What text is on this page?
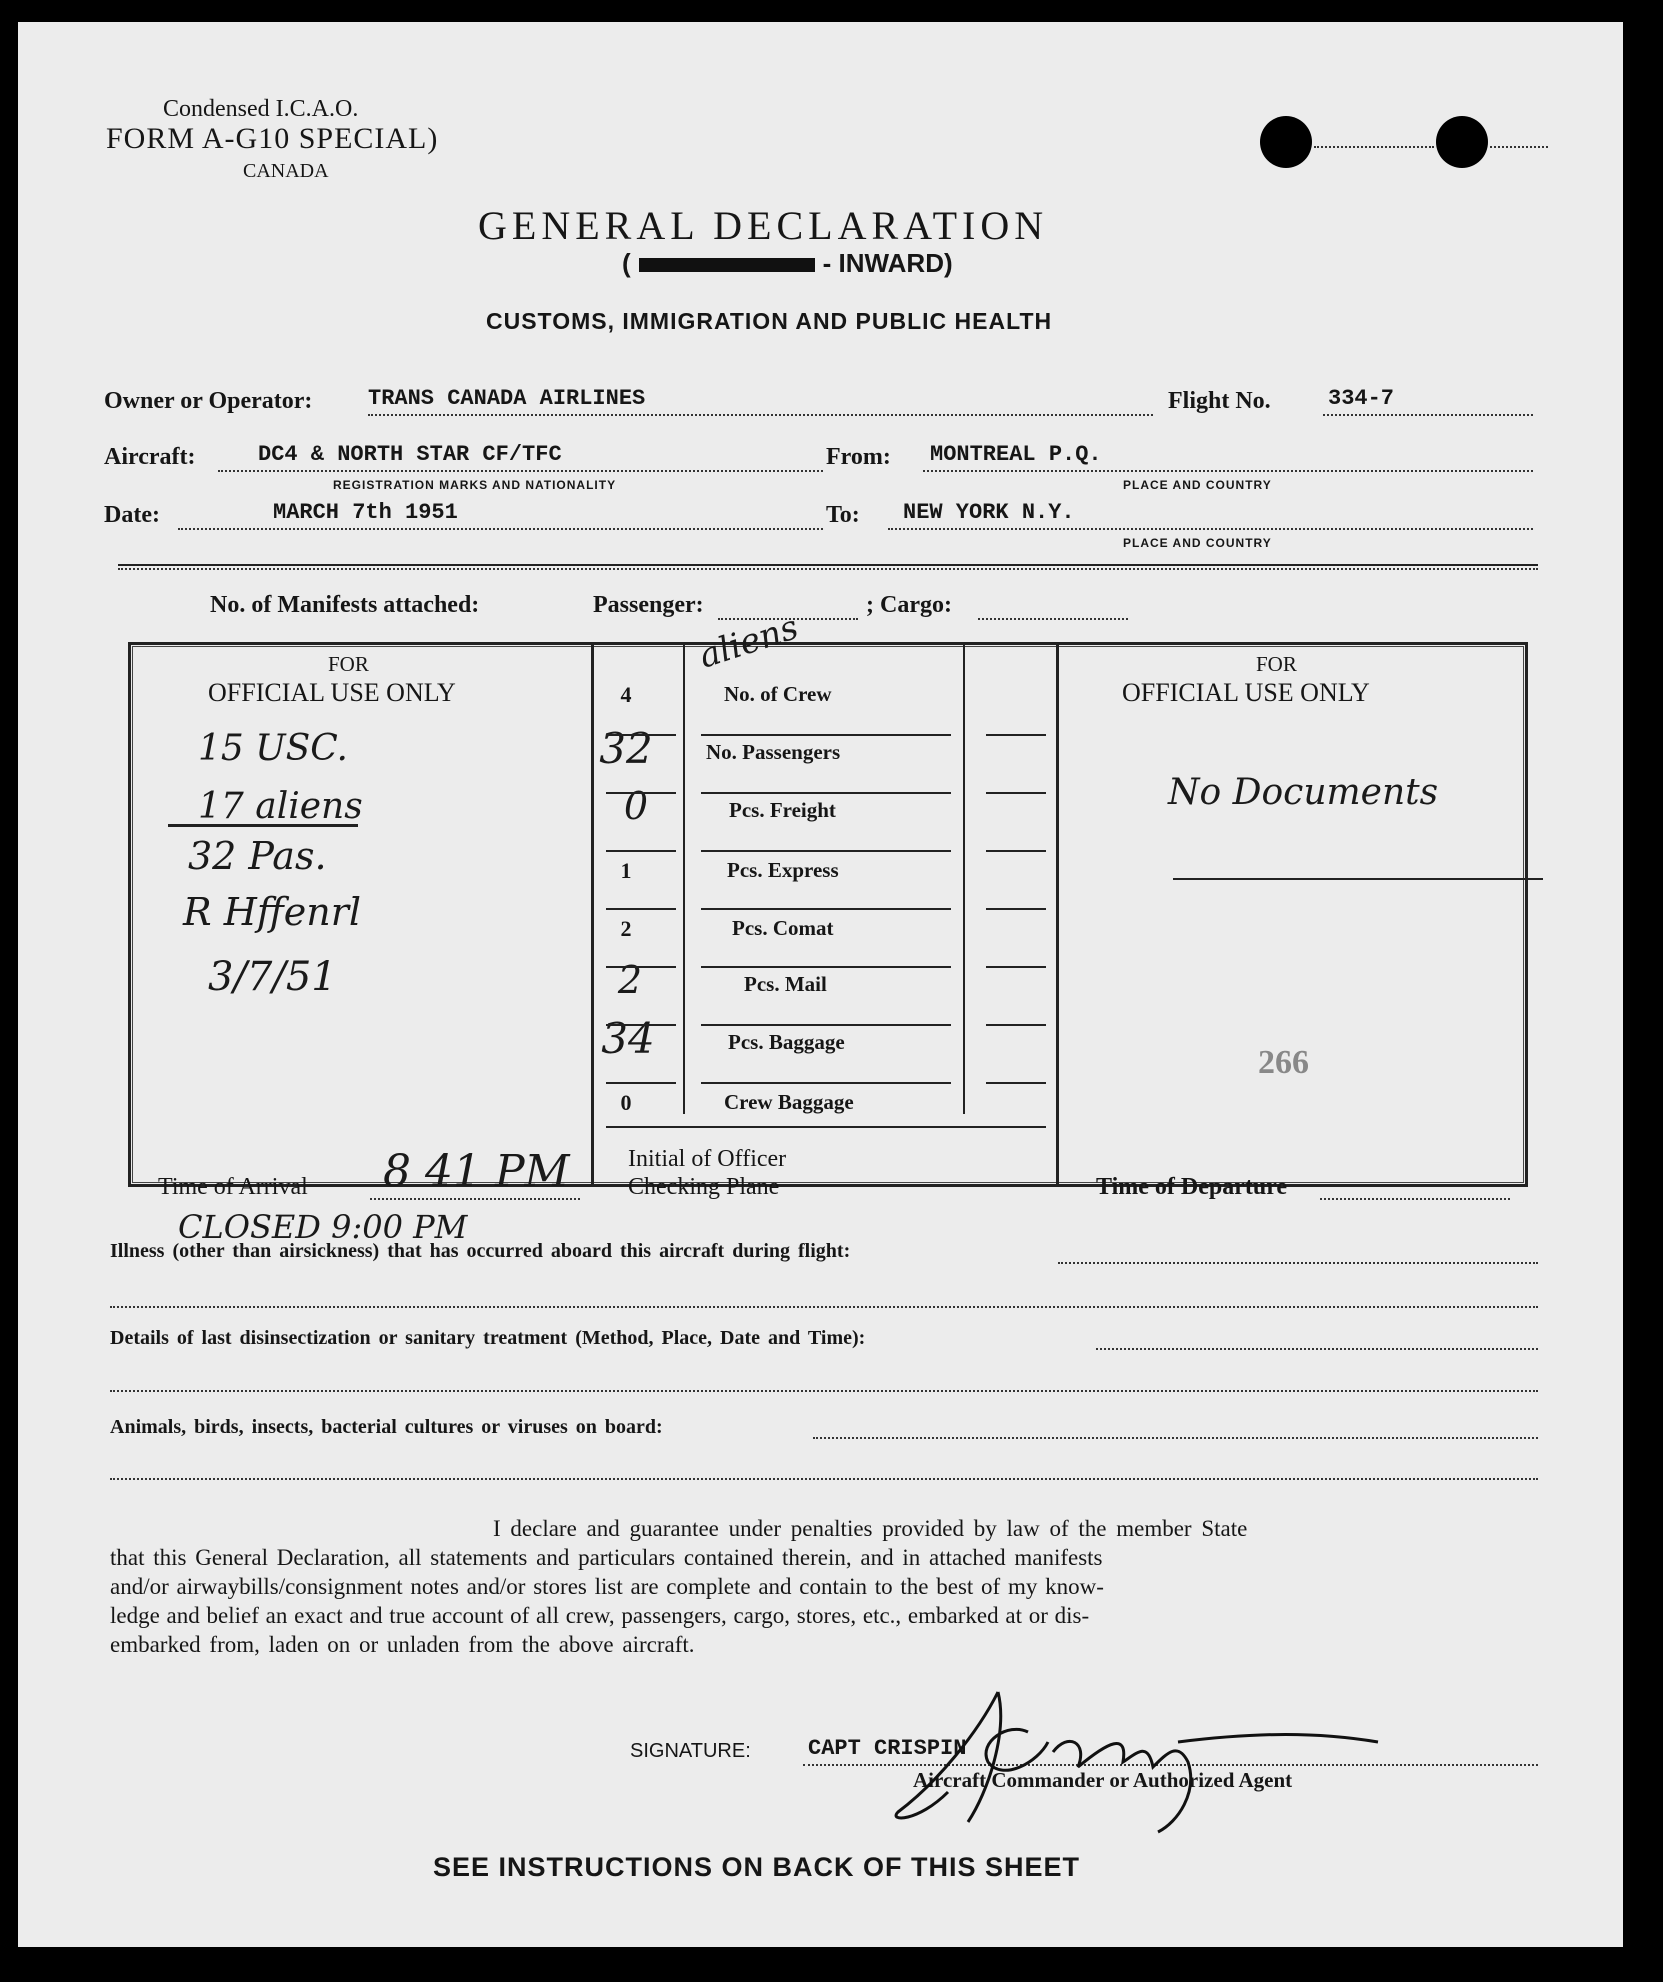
Condensed I.C.A.O.
FORM A-G10 SPECIAL)
CANADA
GENERAL DECLARATION
(	- INWARD)
CUSTOMS, IMMIGRATION AND PUBLIC HEALTH
Owner or Operator:	TRANS CANADA AIRLINES	Flight No.	334-7
Aircraft:	DC4 & NORTH STAR CF/TFC
REGISTRATION MARKS AND NATIONALITY
From: MONTREAL P.Q.
PLACE AND COUNTRY
Date:	MARCH 7th 1951	To: NEW YORK N.Y.
PLACE AND COUNTRY
No. of Manifests attached:	Passenger:	; Cargo:
FOR
OFFICIAL USE ONLY
FOR
OFFICIAL USE ONLY
4	No. of Crew
32	No. Passengers
0	Pcs. Freight
1	Pcs. Express
2	Pcs. Comat
2	Pcs. Mail
34	Pcs. Baggage
0	Crew Baggage
15 USC.
17 aliens
32 Pas.
R Hffenrl
3/7/51
aliens
No Documents
266
Initial of Officer
Checking Plane
Time of Arrival 8 41 PM	Time of Departure
CLOSED 9:00 PM
Illness (other than airsickness) that has occurred aboard this aircraft during flight:
Details of last disinsectization or sanitary treatment (Method, Place, Date and Time):
Animals, birds, insects, bacterial cultures or viruses on board:
I declare and guarantee under penalties provided by law of the member State
that this General Declaration, all statements and particulars contained therein, and in attached manifests
and/or airwaybills/consignment notes and/or stores list are complete and contain to the best of my know-
ledge and belief an exact and true account of all crew, passengers, cargo, stores, etc., embarked at or dis-
embarked from, laden on or unladen from the above aircraft.
SIGNATURE:	CAPT CRISPIN
Aircraft Commander or Authorized Agent
SEE INSTRUCTIONS ON BACK OF THIS SHEET
